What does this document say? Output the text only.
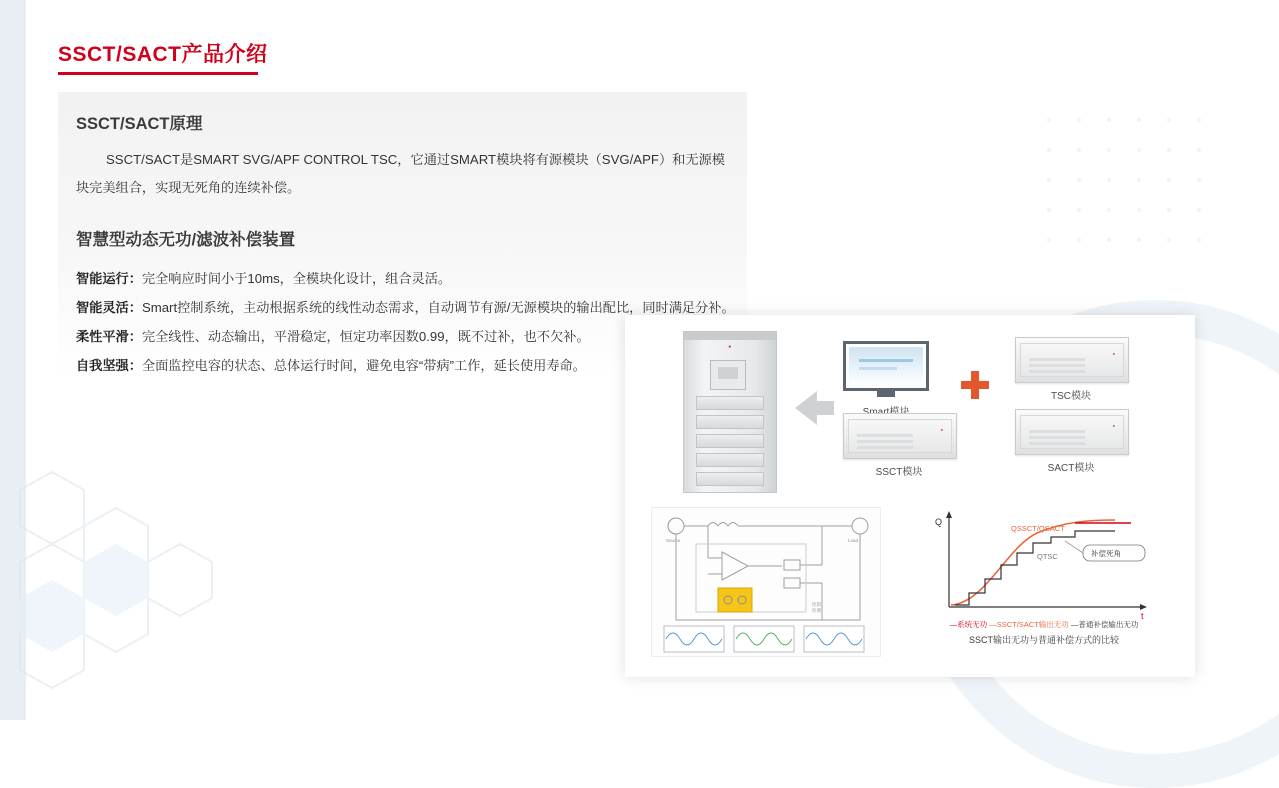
SSCT/SACT产品介绍
SSCT/SACT原理

SSCT/SACT是SMART SVG/APF CONTROL TSC，它通过SMART模块将有源模块（SVG/APF）和无源模块完美组合，实现无死角的连续补偿。

智慧型动态无功/滤波补偿装置
智能运行：完全响应时间小于10ms，全模块化设计，组合灵活。
智能灵活：Smart控制系统，主动根据系统的线性动态需求，自动调节有源/无源模块的输出配比，同时满足分补。
柔性平滑：完全线性、动态输出，平滑稳定，恒定功率因数0.99，既不过补，也不欠补。
自我坚强：全面监控电容的状态、总体运行时间，避免电容“带病”工作，延长使用寿命。
●
●
TSC模块
●
SSCT模块
●
SACT模块
Source	Load
控制
检测
Q
t
QSSCT/QSACT
QTSC	补偿死角
—系统无功 —SSCT/SACT输出无功 —普通补偿输出无功
SSCT输出无功与普通补偿方式的比较
